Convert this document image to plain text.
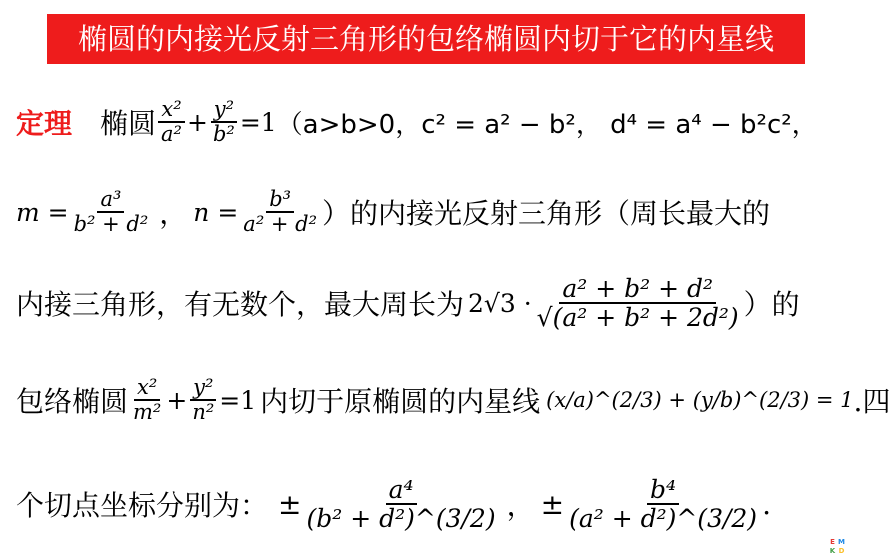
椭圆的内接光反射三角形的包络椭圆内切于它的内星线
定理 椭圆 $\frac{\text{x²}}{\text{a²}} + \frac{\text{y²}}{\text{b²}} =1$ （a>b>0，c² = a² − b²， d⁴ = a⁴ − b²c²，
$m = \frac{\text{a³}}{\text{b² + d²}}$ ， $n = \frac{\text{b³}}{\text{a² + d²}}$ ）的内接光反射三角形（周长最大的
内接三角形，有无数个，最大周长为 $2√3 \cdot \frac{\text{a² + b² + d²}}{\text{√(a² + b² + 2d²)}}$ ）的
包络椭圆 $\frac{\text{x²}}{\text{m²}} + \frac{\text{y²}}{\text{n²}} =1$ 内切于原椭圆的内星线 (x/a)^(2/3) + (y/b)^(2/3) = 1 .四
个切点坐标分别为： ± $\frac{\text{a⁴}}{\text{(b² + d²)\textasciicircum{}(3/2)}}$ ， ± $\frac{\text{b⁴}}{\text{(a² + d²)\textasciicircum{}(3/2)}}$ .
E M
K D
